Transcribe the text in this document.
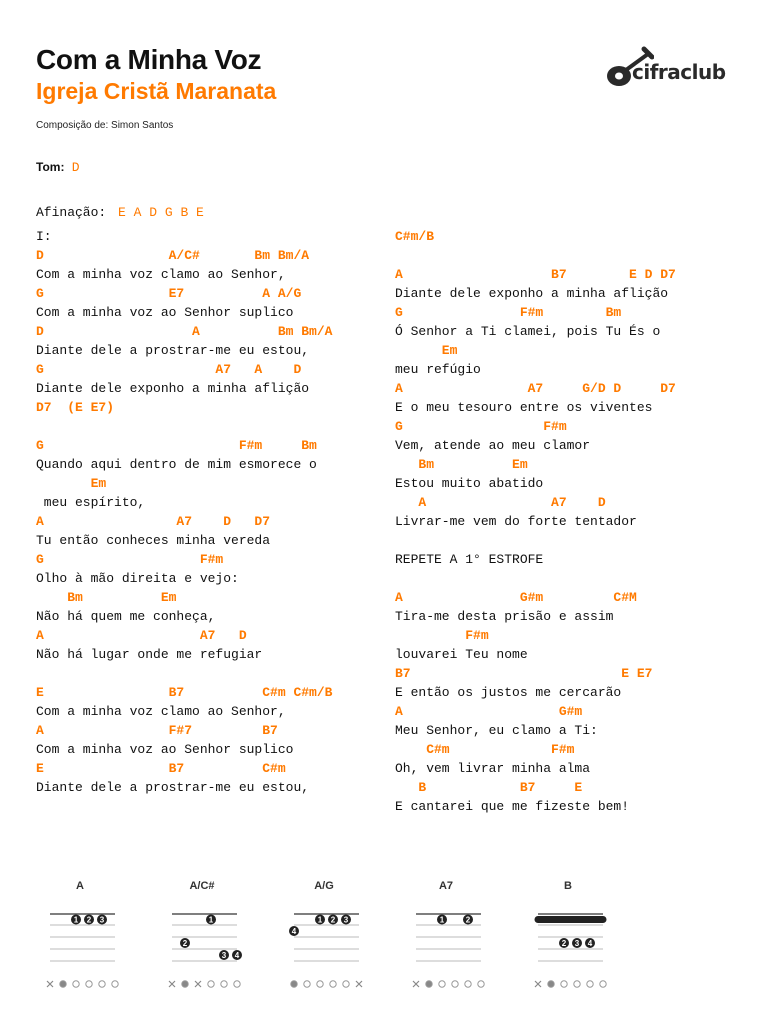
Com a Minha Voz
Igreja Cristã Maranata
Composição de: Simon Santos
cifraclub
Tom: D
Afinação: E A D G B E
I:
D                A/C#       Bm Bm/A
Com a minha voz clamo ao Senhor,
G                E7          A A/G
Com a minha voz ao Senhor suplico
D                   A          Bm Bm/A
Diante dele a prostrar-me eu estou,
G                      A7   A    D
Diante dele exponho a minha aflição
D7  (E E7)

G                         F#m     Bm
Quando aqui dentro de mim esmorece o
Em
meu espírito,
A                 A7    D   D7
Tu então conheces minha vereda
G                    F#m
Olho à mão direita e vejo:
Bm          Em
Não há quem me conheça,
A                    A7   D
Não há lugar onde me refugiar

E                B7          C#m C#m/B
Com a minha voz clamo ao Senhor,
A                F#7         B7
Com a minha voz ao Senhor suplico
E                B7          C#m
Diante dele a prostrar-me eu estou,
C#m/B

A                   B7        E D D7
Diante dele exponho a minha aflição
G               F#m        Bm
Ó Senhor a Ti clamei, pois Tu És o
Em
meu refúgio
A                A7     G/D D     D7
E o meu tesouro entre os viventes
G                  F#m
Vem, atende ao meu clamor
Bm          Em
Estou muito abatido
A                A7    D
Livrar-me vem do forte tentador

REPETE A 1° ESTROFE

A               G#m         C#M
Tira-me desta prisão e assim
F#m
louvarei Teu nome
B7                           E E7
E então os justos me cercarão
A                    G#m
Meu Senhor, eu clamo a Ti:
C#m             F#m
Oh, vem livrar minha alma
B            B7     E
E cantarei que me fizeste bem!
A
1 2 3
A/C#
1
2
3 4
A/G
1 2 3
4
A7
1	2
B
2 3 4
